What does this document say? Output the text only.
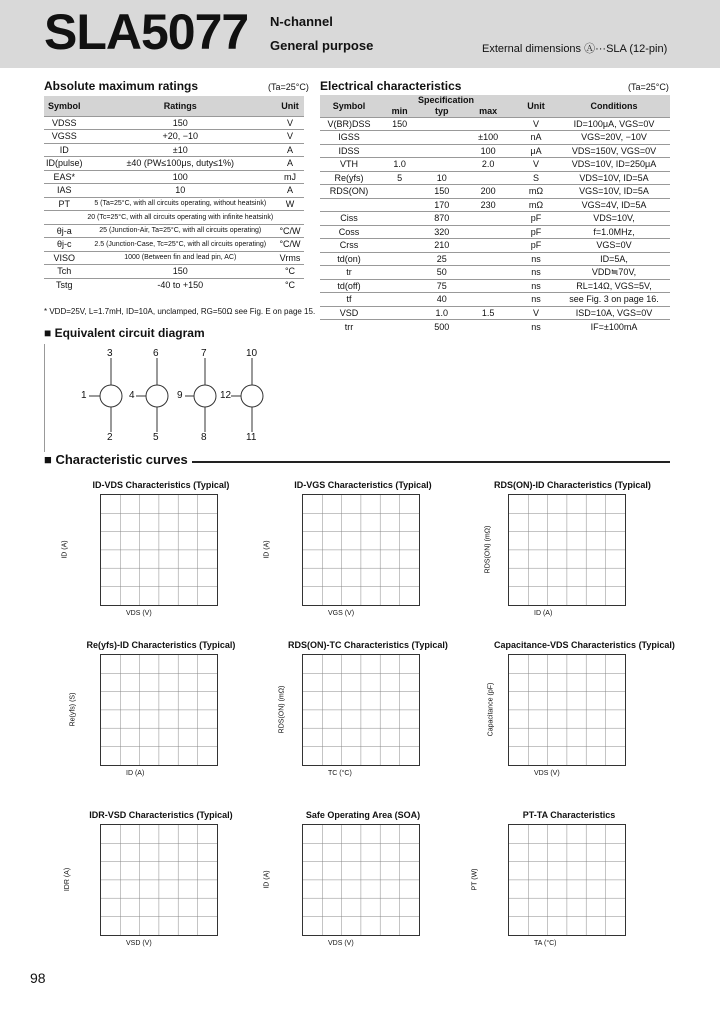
SLA5077 N-channel
General purpose	External dimensions Ⓐ···SLA (12-pin)
Absolute maximum ratings	(Ta=25°C)
Symbol	Ratings	Unit
VDSS	150	V
VGSS	+20, −10	V
ID	±10	A
ID(pulse)	±40 (PW≤100μs, duty≤1%)	A
EAS*	100	mJ
IAS	10	A
PT	5 (Ta=25°C, with all circuits operating, without heatsink)	W
	20 (Tc=25°C, with all circuits operating with infinite heatsink)	
θj-a	25 (Junction-Air, Ta=25°C, with all circuits operating)	°C/W
θj-c	2.5 (Junction-Case, Tc=25°C, with all circuits operating)	°C/W
VISO	1000 (Between fin and lead pin, AC)	Vrms
Tch	150	°C
Tstg	-40 to +150	°C
* VDD=25V, L=1.7mH, ID=10A, unclamped, RG=50Ω see Fig. E on page 15.
Electrical characteristics	(Ta=25°C)
Symbol	Specification			Unit	Conditions
	min	typ	max		
V(BR)DSS	150			V	ID=100μA, VGS=0V
IGSS			±100	nA	VGS=20V, −10V
IDSS			100	μA	VDS=150V, VGS=0V
VTH	1.0		2.0	V	VDS=10V, ID=250μA
Re(yfs)	5	10		S	VDS=10V, ID=5A
RDS(ON)		150	200	mΩ	VGS=10V, ID=5A
		170	230	mΩ	VGS=4V, ID=5A
Ciss		870		pF	VDS=10V,
Coss		320		pF	f=1.0MHz,
Crss		210		pF	VGS=0V
td(on)		25		ns	ID=5A,
tr		50		ns	VDD≒70V,
td(off)		75		ns	RL=14Ω, VGS=5V,
tf		40		ns	see Fig. 3 on page 16.
VSD		1.0	1.5	V	ISD=10A, VGS=0V
trr		500		ns	IF=±100mA
■ Equivalent circuit diagram
3	6	7	10
1	4	9	12
2	5	8	11
■ Characteristic curves
ID-VDS Characteristics (Typical)
VDS (V)
ID (A)
ID-VGS Characteristics (Typical)
VGS (V)
ID (A)
RDS(ON)-ID Characteristics (Typical)
ID (A)
RDS(ON) (mΩ)
Re(yfs)-ID Characteristics (Typical)
ID (A)
Re(yfs) (S)
RDS(ON)-TC Characteristics (Typical)
TC (°C)
RDS(ON) (mΩ)
Capacitance-VDS Characteristics (Typical)
VDS (V)
Capacitance (pF)
IDR-VSD Characteristics (Typical)
VSD (V)
IDR (A)
Safe Operating Area (SOA)
VDS (V)
ID (A)
PT-TA Characteristics
TA (°C)
PT (W)
98
